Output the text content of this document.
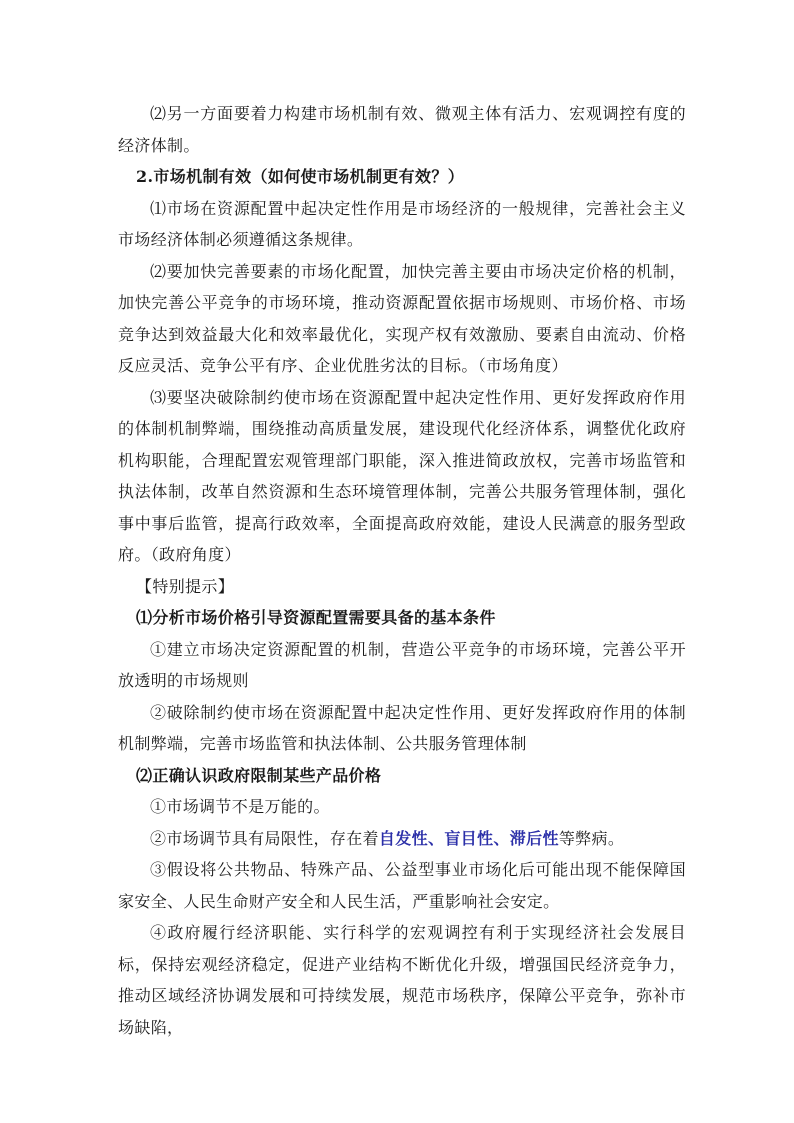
⑵另一方面要着力构建市场机制有效、微观主体有活力、宏观调控有度的经济体制。

2.市场机制有效（如何使市场机制更有效？）

⑴市场在资源配置中起决定性作用是市场经济的一般规律，完善社会主义市场经济体制必须遵循这条规律。

⑵要加快完善要素的市场化配置，加快完善主要由市场决定价格的机制，加快完善公平竞争的市场环境，推动资源配置依据市场规则、市场价格、市场竞争达到效益最大化和效率最优化，实现产权有效激励、要素自由流动、价格反应灵活、竞争公平有序、企业优胜劣汰的目标。（市场角度）

⑶要坚决破除制约使市场在资源配置中起决定性作用、更好发挥政府作用的体制机制弊端，围绕推动高质量发展，建设现代化经济体系，调整优化政府机构职能，合理配置宏观管理部门职能，深入推进简政放权，完善市场监管和执法体制，改革自然资源和生态环境管理体制，完善公共服务管理体制，强化事中事后监管，提高行政效率，全面提高政府效能，建设人民满意的服务型政府。（政府角度）

【特别提示】

⑴分析市场价格引导资源配置需要具备的基本条件

①建立市场决定资源配置的机制，营造公平竞争的市场环境，完善公平开放透明的市场规则

②破除制约使市场在资源配置中起决定性作用、更好发挥政府作用的体制机制弊端，完善市场监管和执法体制、公共服务管理体制

⑵正确认识政府限制某些产品价格

①市场调节不是万能的。

②市场调节具有局限性，存在着自发性、盲目性、滞后性等弊病。

③假设将公共物品、特殊产品、公益型事业市场化后可能出现不能保障国家安全、人民生命财产安全和人民生活，严重影响社会安定。

④政府履行经济职能、实行科学的宏观调控有利于实现经济社会发展目标，保持宏观经济稳定，促进产业结构不断优化升级，增强国民经济竞争力，推动区域经济协调发展和可持续发展，规范市场秩序，保障公平竞争，弥补市场缺陷，
